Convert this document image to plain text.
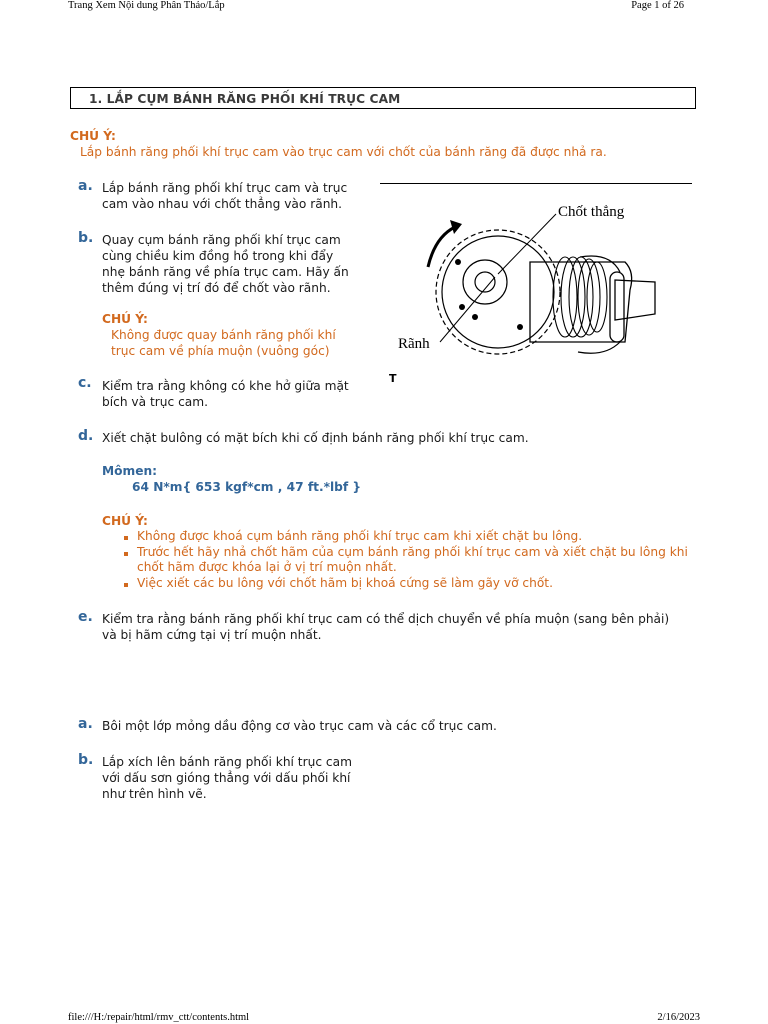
Trang Xem Nội dung Phân Thảo/Lắp	Page 1 of 26
1. LẮP CỤM BÁNH RĂNG PHỐI KHÍ TRỤC CAM
CHÚ Ý:
Lắp bánh răng phối khí trục cam vào trục cam với chốt của bánh răng đã được nhả ra.
a. Lắp bánh răng phối khí trục cam và trục
cam vào nhau với chốt thẳng vào rãnh.
b. Quay cụm bánh răng phối khí trục cam
cùng chiều kim đồng hồ trong khi đẩy
nhẹ bánh răng về phía trục cam. Hãy ấn
thêm đúng vị trí đó để chốt vào rãnh.
CHÚ Ý:
Không được quay bánh răng phối khí
trục cam về phía muộn (vuông góc)
c. Kiểm tra rằng không có khe hở giữa mặt
bích và trục cam.
d. Xiết chặt bulông có mặt bích khi cố định bánh răng phối khí trục cam.
Mômen:
64 N*m{ 653 kgf*cm , 47 ft.*lbf }
CHÚ Ý:
Không được khoá cụm bánh răng phối khí trục cam khi xiết chặt bu lông.
Trước hết hãy nhả chốt hãm của cụm bánh răng phối khí trục cam và xiết chặt bu lông khi chốt hãm được khóa lại ở vị trí muộn nhất.
Việc xiết các bu lông với chốt hãm bị khoá cứng sẽ làm gãy vỡ chốt.
e. Kiểm tra rằng bánh răng phối khí trục cam có thể dịch chuyển về phía muộn (sang bên phải)
và bị hãm cứng tại vị trí muộn nhất.
a. Bôi một lớp mỏng dầu động cơ vào trục cam và các cổ trục cam.
b. Lắp xích lên bánh răng phối khí trục cam
với dấu sơn gióng thẳng với dấu phối khí
như trên hình vẽ.
Chốt thẳng
Rãnh
T
file:///H:/repair/html/rmv_ctt/contents.html	2/16/2023
